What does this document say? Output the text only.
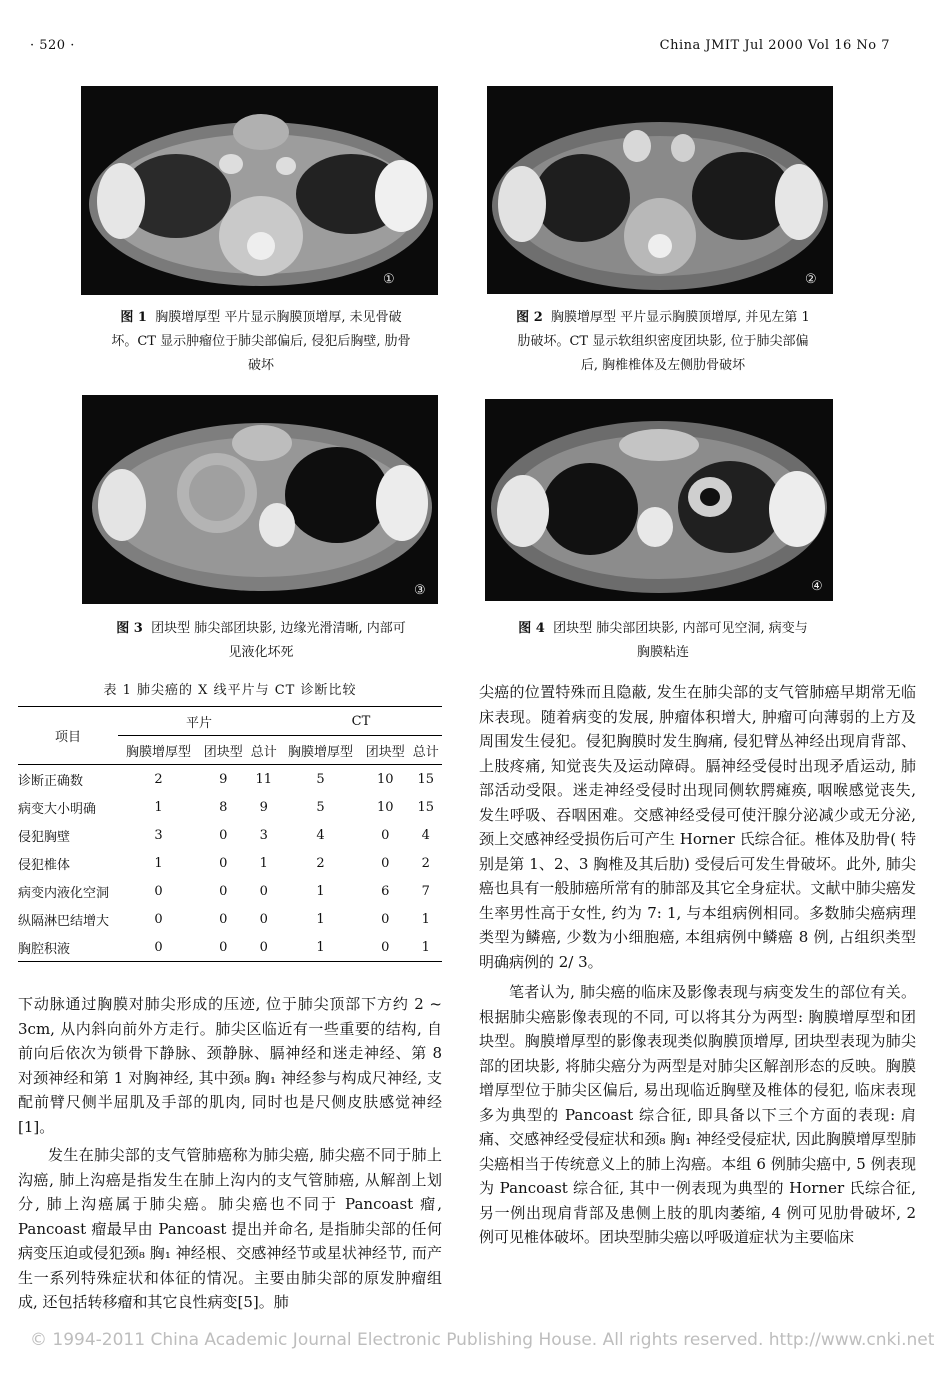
· 520 ·	China JMIT Jul 2000 Vol 16 No 7
①
图 1 胸膜增厚型 平片显示胸膜顶增厚, 未见骨破
坏。CT 显示肿瘤位于肺尖部偏后, 侵犯后胸壁, 肋骨
破坏
②
图 2 胸膜增厚型 平片显示胸膜顶增厚, 并见左第 1
肋破坏。CT 显示软组织密度团块影, 位于肺尖部偏
后, 胸椎椎体及左侧肋骨破坏
③
图 3 团块型 肺尖部团块影, 边缘光滑清晰, 内部可
见液化坏死
④
图 4 团块型 肺尖部团块影, 内部可见空洞, 病变与
胸膜粘连
表 1 肺尖癌的 X 线平片与 CT 诊断比较
项目	平片			CT		
	胸膜增厚型	团块型	总计	胸膜增厚型	团块型	总计
诊断正确数	2	9	11	5	10	15
病变大小明确	1	8	9	5	10	15
侵犯胸壁	3	0	3	4	0	4
侵犯椎体	1	0	1	2	0	2
病变内液化空洞	0	0	0	1	6	7
纵隔淋巴结增大	0	0	0	1	0	1
胸腔积液	0	0	0	1	0	1

下动脉通过胸膜对肺尖形成的压迹, 位于肺尖顶部下方约 2 ~ 3cm, 从内斜向前外方走行。肺尖区临近有一些重要的结构, 自前向后依次为锁骨下静脉、颈静脉、膈神经和迷走神经、第 8 对颈神经和第 1 对胸神经, 其中颈₈ 胸₁ 神经参与构成尺神经, 支配前臂尺侧半屈肌及手部的肌肉, 同时也是尺侧皮肤感觉神经[1]。

发生在肺尖部的支气管肺癌称为肺尖癌, 肺尖癌不同于肺上沟癌, 肺上沟癌是指发生在肺上沟内的支气管肺癌, 从解剖上划分, 肺上沟癌属于肺尖癌。肺尖癌也不同于 Pancoast 瘤, Pancoast 瘤最早由 Pancoast 提出并命名, 是指肺尖部的任何病变压迫或侵犯颈₈ 胸₁ 神经根、交感神经节或星状神经节, 而产生一系列特殊症状和体征的情况。主要由肺尖部的原发肿瘤组成, 还包括转移瘤和其它良性病变[5]。肺

尖癌的位置特殊而且隐蔽, 发生在肺尖部的支气管肺癌早期常无临床表现。随着病变的发展, 肿瘤体积增大, 肿瘤可向薄弱的上方及周围发生侵犯。侵犯胸膜时发生胸痛, 侵犯臂丛神经出现肩背部、上肢疼痛, 知觉丧失及运动障碍。膈神经受侵时出现矛盾运动, 肺部活动受限。迷走神经受侵时出现同侧软腭瘫痪, 咽喉感觉丧失, 发生呼吸、吞咽困难。交感神经受侵可使汗腺分泌减少或无分泌, 颈上交感神经受损伤后可产生 Horner 氏综合征。椎体及肋骨( 特别是第 1、2、3 胸椎及其后肋) 受侵后可发生骨破坏。此外, 肺尖癌也具有一般肺癌所常有的肺部及其它全身症状。文献中肺尖癌发生率男性高于女性, 约为 7: 1, 与本组病例相同。多数肺尖癌病理类型为鳞癌, 少数为小细胞癌, 本组病例中鳞癌 8 例, 占组织类型明确病例的 2/ 3。

笔者认为, 肺尖癌的临床及影像表现与病变发生的部位有关。根据肺尖癌影像表现的不同, 可以将其分为两型: 胸膜增厚型和团块型。胸膜增厚型的影像表现类似胸膜顶增厚, 团块型表现为肺尖部的团块影, 将肺尖癌分为两型是对肺尖区解剖形态的反映。胸膜增厚型位于肺尖区偏后, 易出现临近胸壁及椎体的侵犯, 临床表现多为典型的 Pancoast 综合征, 即具备以下三个方面的表现: 肩痛、交感神经受侵症状和颈₈ 胸₁ 神经受侵症状, 因此胸膜增厚型肺尖癌相当于传统意义上的肺上沟癌。本组 6 例肺尖癌中, 5 例表现为 Pancoast 综合征, 其中一例表现为典型的 Horner 氏综合征, 另一例出现肩背部及患侧上肢的肌肉萎缩, 4 例可见肋骨破坏, 2 例可见椎体破坏。团块型肺尖癌以呼吸道症状为主要临床

© 1994-2011 China Academic Journal Electronic Publishing House. All rights reserved. http://www.cnki.net
